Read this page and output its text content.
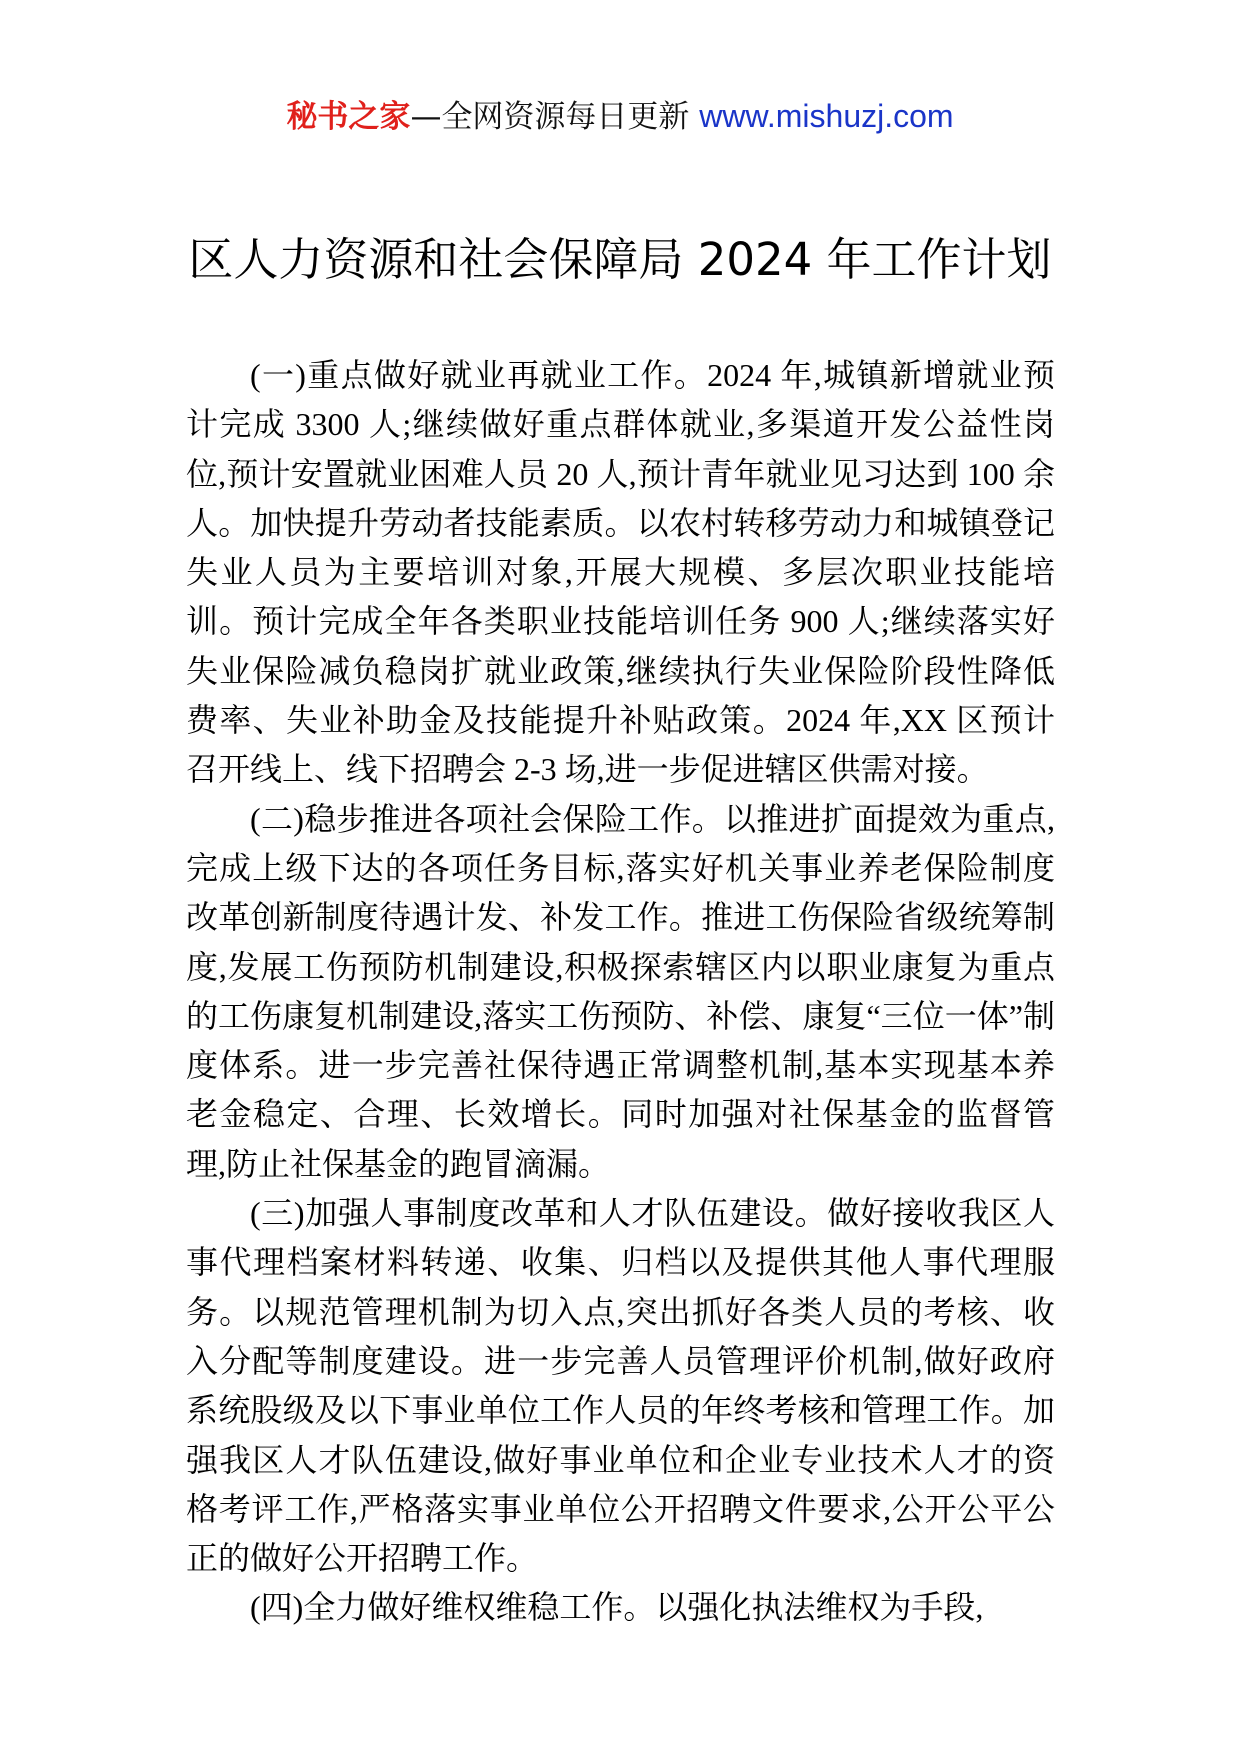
秘书之家—全网资源每日更新 www.mishuzj.com
区人力资源和社会保障局 2024 年工作计划

(一)重点做好就业再就业工作。2024 年,城镇新增就业预计完成 3300 人;继续做好重点群体就业,多渠道开发公益性岗位,预计安置就业困难人员 20 人,预计青年就业见习达到 100 余人。加快提升劳动者技能素质。以农村转移劳动力和城镇登记失业人员为主要培训对象,开展大规模、多层次职业技能培训。预计完成全年各类职业技能培训任务 900 人;继续落实好失业保险减负稳岗扩就业政策,继续执行失业保险阶段性降低费率、失业补助金及技能提升补贴政策。2024 年,XX 区预计召开线上、线下招聘会 2-3 场,进一步促进辖区供需对接。

(二)稳步推进各项社会保险工作。以推进扩面提效为重点,完成上级下达的各项任务目标,落实好机关事业养老保险制度改革创新制度待遇计发、补发工作。推进工伤保险省级统筹制度,发展工伤预防机制建设,积极探索辖区内以职业康复为重点的工伤康复机制建设,落实工伤预防、补偿、康复“三位一体”制度体系。进一步完善社保待遇正常调整机制,基本实现基本养老金稳定、合理、长效增长。同时加强对社保基金的监督管理,防止社保基金的跑冒滴漏。

(三)加强人事制度改革和人才队伍建设。做好接收我区人事代理档案材料转递、收集、归档以及提供其他人事代理服务。以规范管理机制为切入点,突出抓好各类人员的考核、收入分配等制度建设。进一步完善人员管理评价机制,做好政府系统股级及以下事业单位工作人员的年终考核和管理工作。加强我区人才队伍建设,做好事业单位和企业专业技术人才的资格考评工作,严格落实事业单位公开招聘文件要求,公开公平公正的做好公开招聘工作。

(四)全力做好维权维稳工作。以强化执法维权为手段,
